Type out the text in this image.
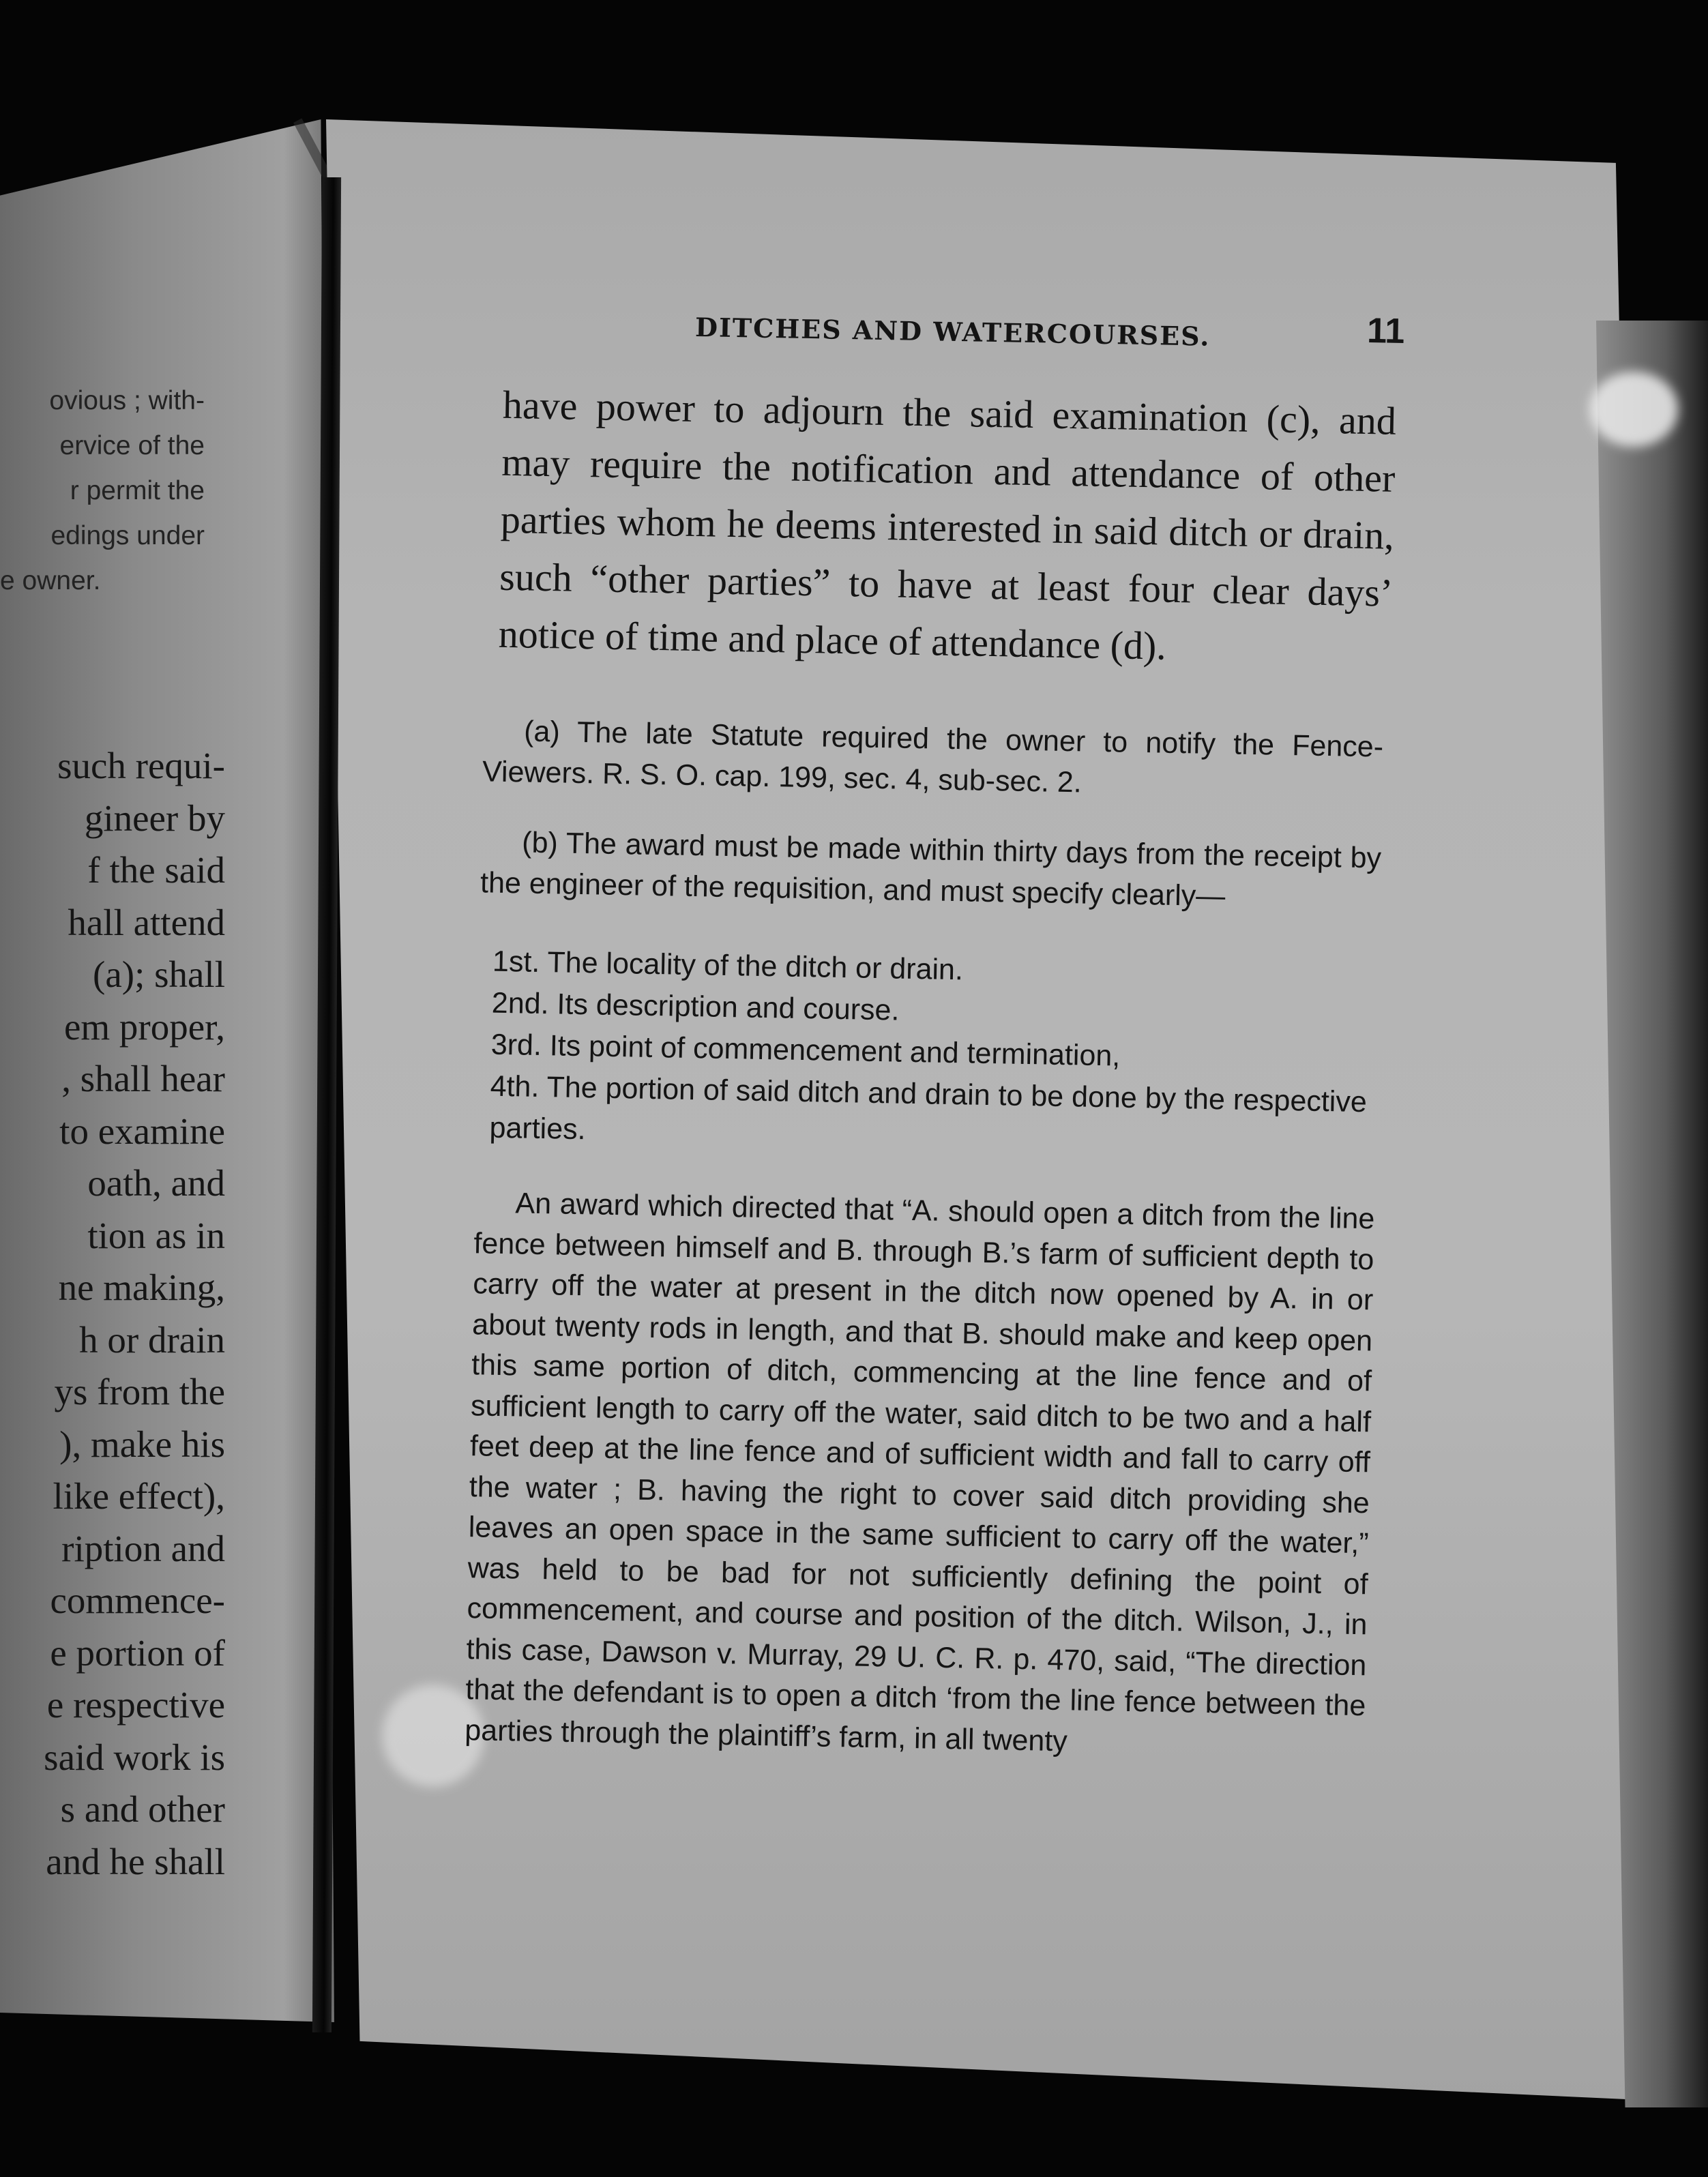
ovious ; with-
ervice of the
r permit the
edings under
e owner.
such requi-
gineer by
f the said
hall attend
(a); shall
em proper,
, shall hear
to examine
oath, and
tion as in
ne making,
h or drain
ys from the
), make his
like effect),
ription and
commence-
e portion of
e respective
said work is
s and other
and he shall
DITCHES AND WATERCOURSES.	11

have power to adjourn the said examination (c), and may require the notification and attendance of other parties whom he deems interested in said ditch or drain, such “other parties” to have at least four clear days’ notice of time and place of attendance (d).

(a) The late Statute required the owner to notify the Fence-Viewers. R. S. O. cap. 199, sec. 4, sub-sec. 2.

(b) The award must be made within thirty days from the receipt by the engineer of the requisition, and must specify clearly—

1st. The locality of the ditch or drain.

2nd. Its description and course.

3rd. Its point of commencement and termination,

4th. The portion of said ditch and drain to be done by the respective parties.

An award which directed that “A. should open a ditch from the line fence between himself and B. through B.’s farm of sufficient depth to carry off the water at present in the ditch now opened by A. in or about twenty rods in length, and that B. should make and keep open this same portion of ditch, commencing at the line fence and of sufficient length to carry off the water, said ditch to be two and a half feet deep at the line fence and of sufficient width and fall to carry off the water ; B. having the right to cover said ditch providing she leaves an open space in the same sufficient to carry off the water,” was held to be bad for not sufficiently defining the point of commencement, and course and position of the ditch. Wilson, J., in this case, Dawson v. Murray, 29 U. C. R. p. 470, said, “The direction that the defendant is to open a ditch ‘from the line fence between the parties through the plaintiff’s farm, in all twenty
